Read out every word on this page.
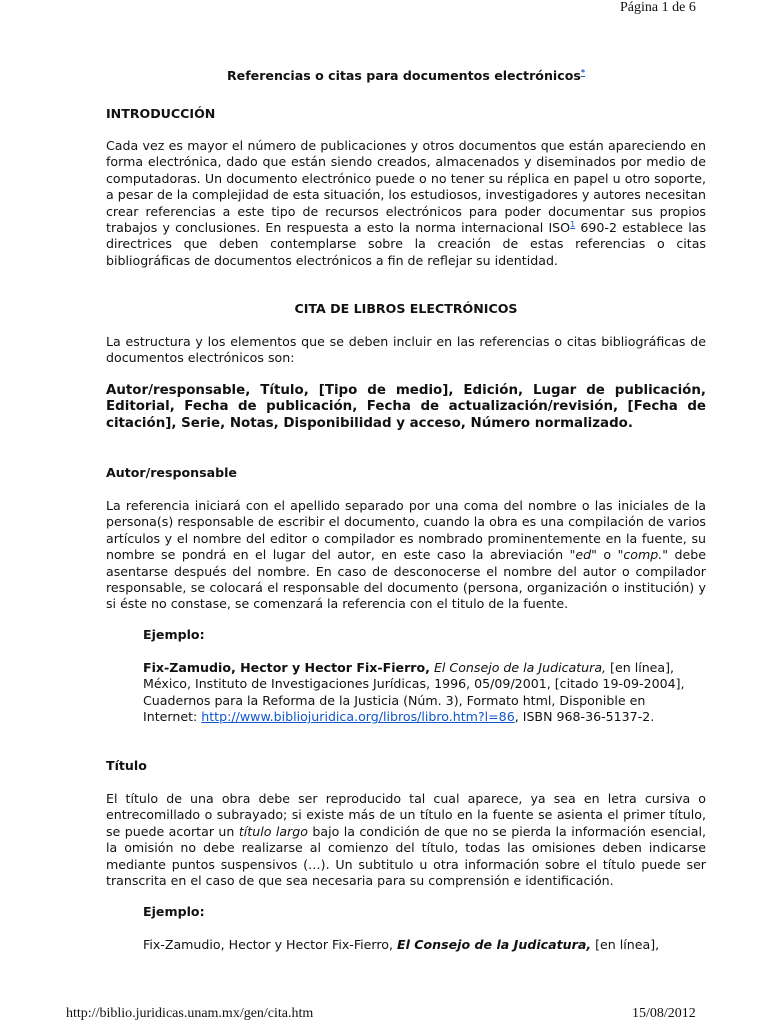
Página 1 de 6

Referencias o citas para documentos electrónicos*

INTRODUCCIÓN

Cada vez es mayor el número de publicaciones y otros documentos que están apareciendo en forma electrónica, dado que están siendo creados, almacenados y diseminados por medio de computadoras. Un documento electrónico puede o no tener su réplica en papel u otro soporte, a pesar de la complejidad de esta situación, los estudiosos, investigadores y autores necesitan crear referencias a este tipo de recursos electrónicos para poder documentar sus propios trabajos y conclusiones. En respuesta a esto la norma internacional ISO$^1$ 690-2 establece las directrices que deben contemplarse sobre la creación de estas referencias o citas bibliográficas de documentos electrónicos a fin de reflejar su identidad.

CITA DE LIBROS ELECTRÓNICOS

La estructura y los elementos que se deben incluir en las referencias o citas bibliográficas de documentos electrónicos son:

Autor/responsable, Título, [Tipo de medio], Edición, Lugar de publicación, Editorial, Fecha de publicación, Fecha de actualización/revisión, [Fecha de citación], Serie, Notas, Disponibilidad y acceso, Número normalizado.

Autor/responsable

La referencia iniciará con el apellido separado por una coma del nombre o las iniciales de la persona(s) responsable de escribir el documento, cuando la obra es una compilación de varios artículos y el nombre del editor o compilador es nombrado prominentemente en la fuente, su nombre se pondrá en el lugar del autor, en este caso la abreviación "ed" o "comp." debe asentarse después del nombre. En caso de desconocerse el nombre del autor o compilador responsable, se colocará el responsable del documento (persona, organización o institución) y si éste no constase, se comenzará la referencia con el titulo de la fuente.

Ejemplo:

Fix-Zamudio, Hector y Hector Fix-Fierro, El Consejo de la Judicatura, [en línea], México, Instituto de Investigaciones Jurídicas, 1996, 05/09/2001, [citado 19-09-2004], Cuadernos para la Reforma de la Justicia (Núm. 3), Formato html, Disponible en Internet: http://www.bibliojuridica.org/libros/libro.htm?l=86, ISBN 968-36-5137-2.

Título

El título de una obra debe ser reproducido tal cual aparece, ya sea en letra cursiva o entrecomillado o subrayado; si existe más de un título en la fuente se asienta el primer título, se puede acortar un título largo bajo la condición de que no se pierda la información esencial, la omisión no debe realizarse al comienzo del título, todas las omisiones deben indicarse mediante puntos suspensivos (…). Un subtitulo u otra información sobre el título puede ser transcrita en el caso de que sea necesaria para su comprensión e identificación.

Ejemplo:

Fix-Zamudio, Hector y Hector Fix-Fierro, El Consejo de la Judicatura, [en línea],

http://biblio.juridicas.unam.mx/gen/cita.htm	15/08/2012
